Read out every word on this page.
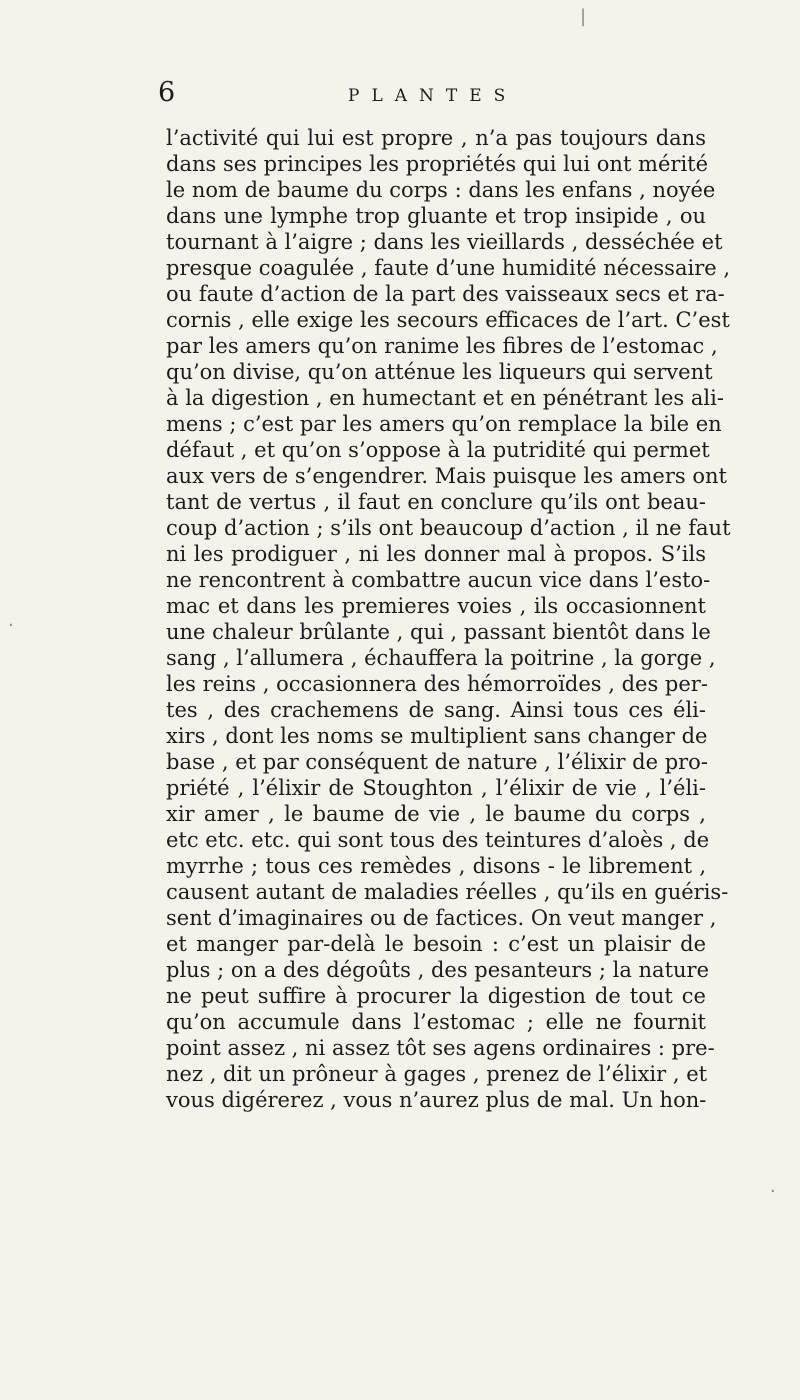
6	PLANTES
l’activité qui lui est propre , n’a pas toujours dans
dans ses principes les propriétés qui lui ont mérité
le nom de baume du corps : dans les enfans , noyée
dans une lymphe trop gluante et trop insipide , ou
tournant à l’aigre ; dans les vieillards , desséchée et
presque coagulée , faute d’une humidité nécessaire ,
ou faute d’action de la part des vaisseaux secs et ra-
cornis , elle exige les secours efficaces de l’art. C’est
par les amers qu’on ranime les fibres de l’estomac ,
qu’on divise, qu’on atténue les liqueurs qui servent
à la digestion , en humectant et en pénétrant les ali-
mens ; c’est par les amers qu’on remplace la bile en
défaut , et qu’on s’oppose à la putridité qui permet
aux vers de s’engendrer. Mais puisque les amers ont
tant de vertus , il faut en conclure qu’ils ont beau-
coup d’action ; s’ils ont beaucoup d’action , il ne faut
ni les prodiguer , ni les donner mal à propos. S’ils
ne rencontrent à combattre aucun vice dans l’esto-
mac et dans les premieres voies , ils occasionnent
une chaleur brûlante , qui , passant bientôt dans le
sang , l’allumera , échauffera la poitrine , la gorge ,
les reins , occasionnera des hémorroïdes , des per-
tes , des crachemens de sang. Ainsi tous ces éli-
xirs , dont les noms se multiplient sans changer de
base , et par conséquent de nature , l’élixir de pro-
priété , l’élixir de Stoughton , l’élixir de vie , l’éli-
xir amer , le baume de vie , le baume du corps ,
etc etc. etc. qui sont tous des teintures d’aloès , de
myrrhe ; tous ces remèdes , disons - le librement ,
causent autant de maladies réelles , qu’ils en guéris-
sent d’imaginaires ou de factices. On veut manger ,
et manger par-delà le besoin : c’est un plaisir de
plus ; on a des dégoûts , des pesanteurs ; la nature
ne peut suffire à procurer la digestion de tout ce
qu’on accumule dans l’estomac ; elle ne fournit
point assez , ni assez tôt ses agens ordinaires : pre-
nez , dit un prôneur à gages , prenez de l’élixir , et
vous digérerez , vous n’aurez plus de mal. Un hon-
·
·
|
